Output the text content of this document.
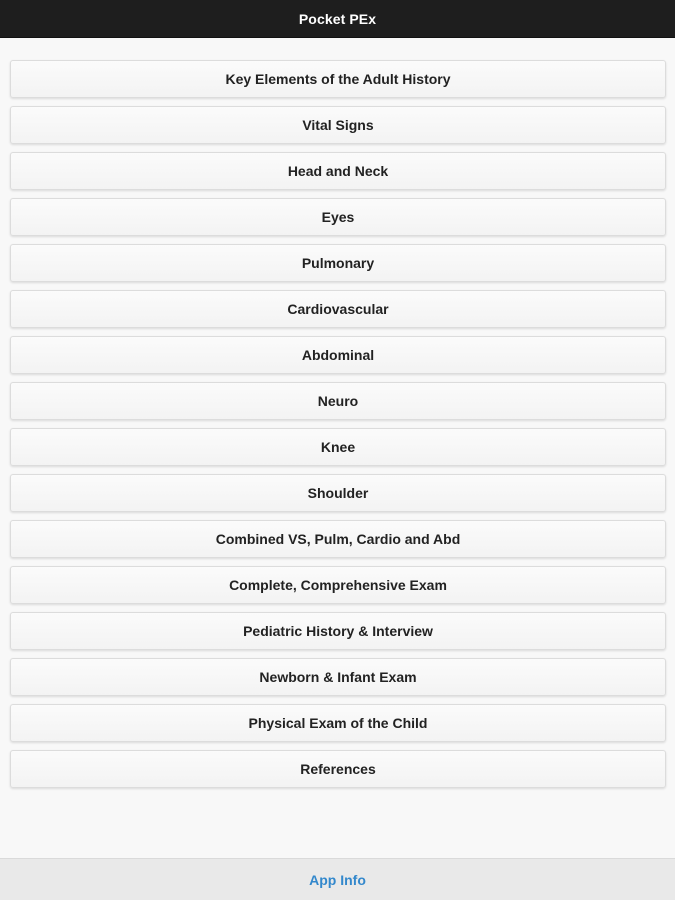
Pocket PEx
Key Elements of the Adult History
Vital Signs
Head and Neck
Eyes
Pulmonary
Cardiovascular
Abdominal
Neuro
Knee
Shoulder
Combined VS, Pulm, Cardio and Abd
Complete, Comprehensive Exam
Pediatric History & Interview
Newborn & Infant Exam
Physical Exam of the Child
References
App Info
